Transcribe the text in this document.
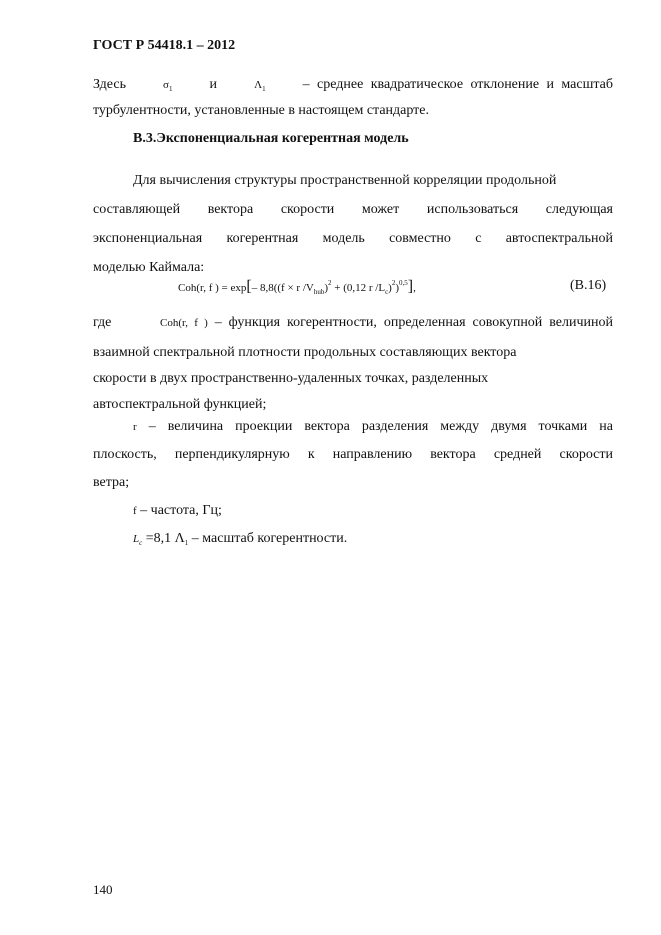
ГОСТ Р 54418.1 – 2012
Здесь	$\sigma_1$	и	$\Lambda_1$	– среднее квадратическое отклонение и масштаб
турбулентности, установленные в настоящем стандарте.
В.3.Экспоненциальная когерентная модель
Для вычисления структуры пространственной корреляции продольной
составляющей вектора скорости может использоваться следующая
экспоненциальная когерентная модель совместно с автоспектральной
моделью Каймала:
Coh(r, f ) = exp[– 8,8((f × r $/V_{hub})^2 + (0,12$ r $/L_c)^2)^{0,5}$],	(B.16)
где	Coh(r, f ) – функция когерентности, определенная совокупной величиной
взаимной спектральной плотности продольных составляющих вектора
скорости в двух пространственно-удаленных точках, разделенных
автоспектральной функцией;
r – величина проекции вектора разделения между двумя точками на
плоскость, перпендикулярную к направлению вектора средней скорости
ветра;
f – частота, Гц;
$L_c =8,1$ $\Lambda_1$ – масштаб когерентности.
140
